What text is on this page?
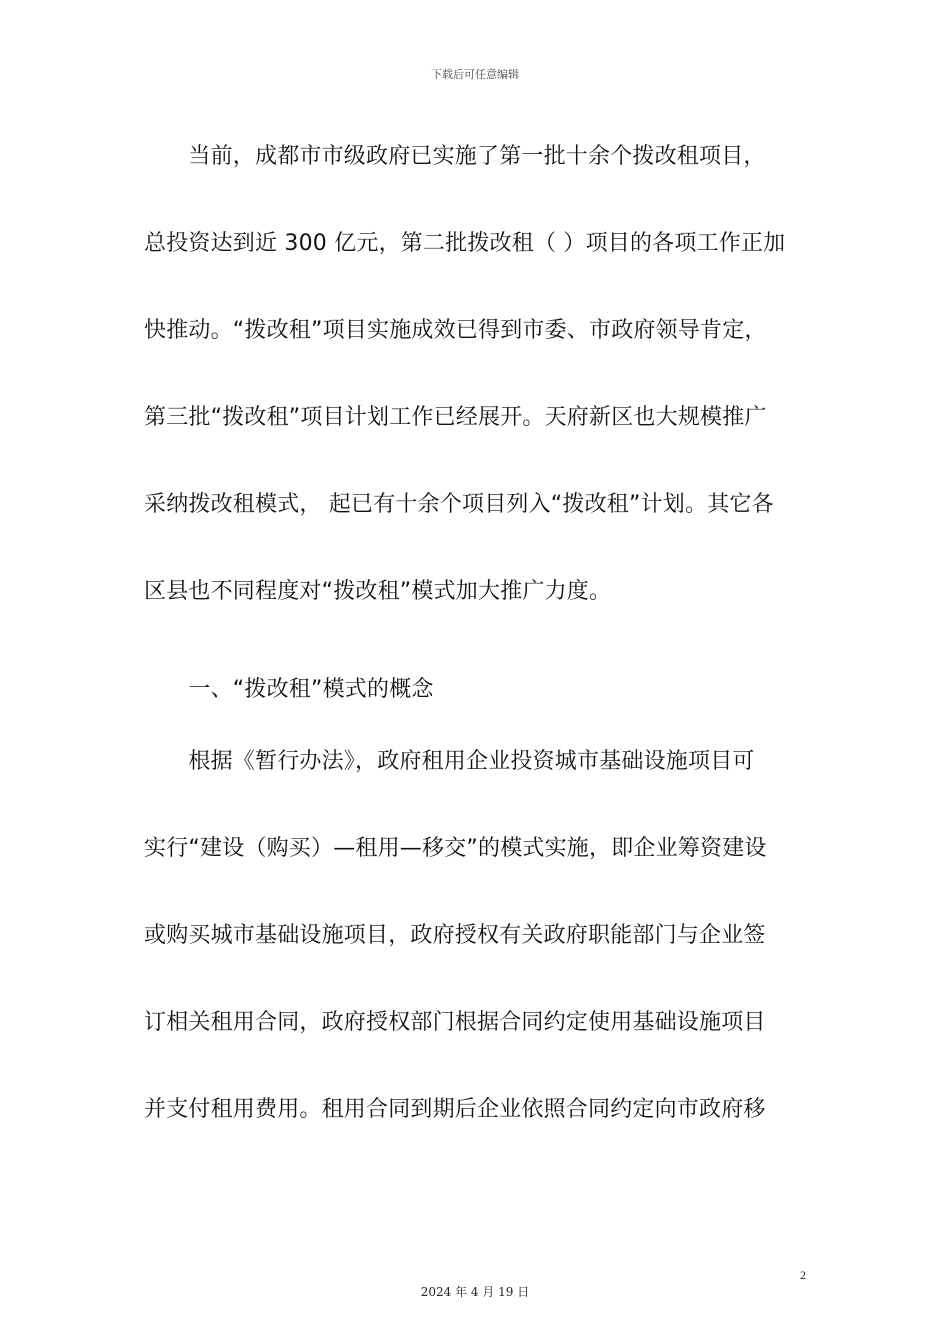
下载后可任意编辑
　　当前，成都市市级政府已实施了第一批十余个拨改租项目，
总投资达到近 300 亿元，第二批拨改租（ ）项目的各项工作正加
快推动。“拨改租”项目实施成效已得到市委、市政府领导肯定，
第三批“拨改租”项目计划工作已经展开。天府新区也大规模推广
采纳拨改租模式， 起已有十余个项目列入“拨改租”计划。其它各
区县也不同程度对“拨改租”模式加大推广力度。
　　一、“拨改租”模式的概念
　　根据《暂行办法》，政府租用企业投资城市基础设施项目可
实行“建设（购买）—租用—移交”的模式实施，即企业筹资建设
或购买城市基础设施项目，政府授权有关政府职能部门与企业签
订相关租用合同，政府授权部门根据合同约定使用基础设施项目
并支付租用费用。租用合同到期后企业依照合同约定向市政府移
2
2024 年 4 月 19 日
